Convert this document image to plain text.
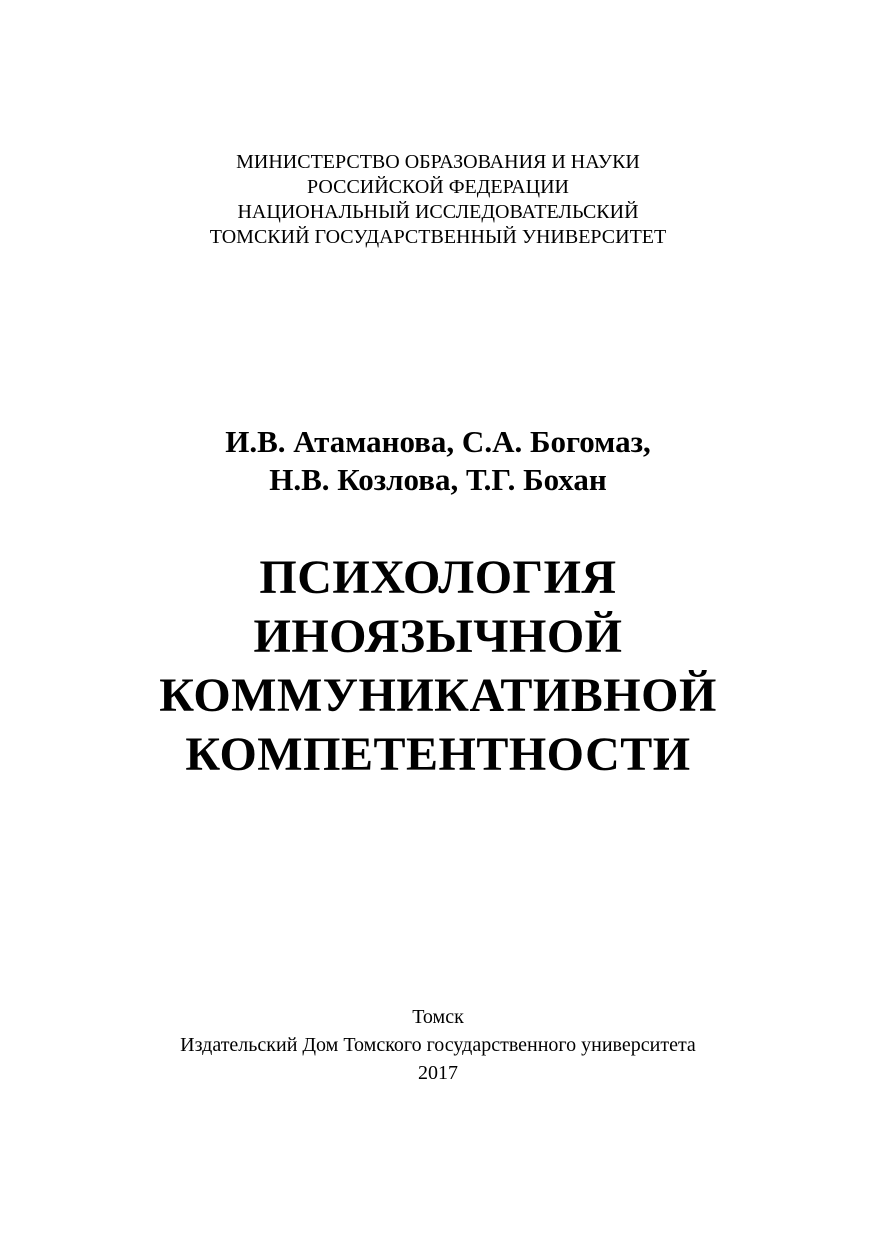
МИНИСТЕРСТВО ОБРАЗОВАНИЯ И НАУКИ
РОССИЙСКОЙ ФЕДЕРАЦИИ
НАЦИОНАЛЬНЫЙ ИССЛЕДОВАТЕЛЬСКИЙ
ТОМСКИЙ ГОСУДАРСТВЕННЫЙ УНИВЕРСИТЕТ
И.В. Атаманова, С.А. Богомаз,
Н.В. Козлова, Т.Г. Бохан
ПСИХОЛОГИЯ
ИНОЯЗЫЧНОЙ
КОММУНИКАТИВНОЙ
КОМПЕТЕНТНОСТИ
Томск
Издательский Дом Томского государственного университета
2017
